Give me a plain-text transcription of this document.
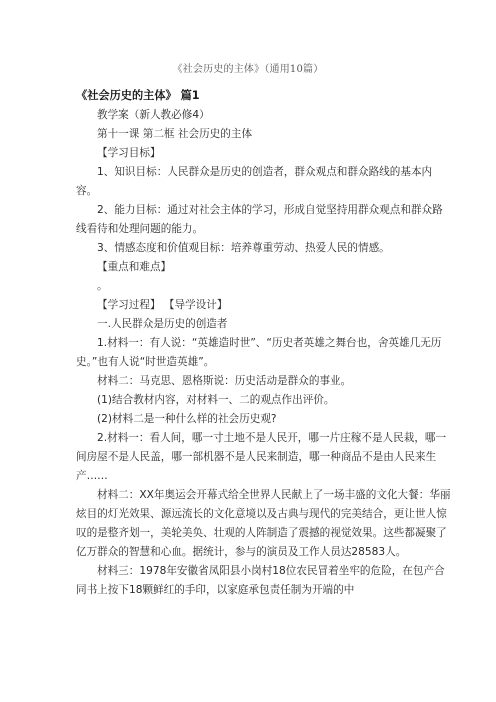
《社会历史的主体》（通用10篇）
《社会历史的主体》 篇1

教学案（新人教必修4）

第十一课 第二框 社会历史的主体

【学习目标】

1、知识目标：人民群众是历史的创造者，群众观点和群众路线的基本内容。

2、能力目标：通过对社会主体的学习，形成自觉坚持用群众观点和群众路线看待和处理问题的能力。

3、情感态度和价值观目标：培养尊重劳动、热爱人民的情感。

【重点和难点】

。

【学习过程】 【导学设计】

一.人民群众是历史的创造者

1.材料一：有人说：“英雄造时世”、“历史者英雄之舞台也，舍英雄几无历史。”也有人说“时世造英雄”。

材料二：马克思、恩格斯说：历史活动是群众的事业。

(1)结合教材内容，对材料一、二的观点作出评价。

(2)材料二是一种什么样的社会历史观?

2.材料一：看人间，哪一寸土地不是人民开，哪一片庄稼不是人民栽，哪一间房屋不是人民盖，哪一部机器不是人民来制造，哪一种商品不是由人民来生产……

材料二：XX年奥运会开幕式给全世界人民献上了一场丰盛的文化大餐：华丽炫目的灯光效果、源远流长的文化意境以及古典与现代的完美结合，更让世人惊叹的是整齐划一，美轮美奂、壮观的人阵制造了震撼的视觉效果。这些都凝聚了亿万群众的智慧和心血。据统计，参与的演员及工作人员达28583人。

材料三：1978年安徽省凤阳县小岗村18位农民冒着坐牢的危险，在包产合同书上按下18颗鲜红的手印，以家庭承包责任制为开端的中
